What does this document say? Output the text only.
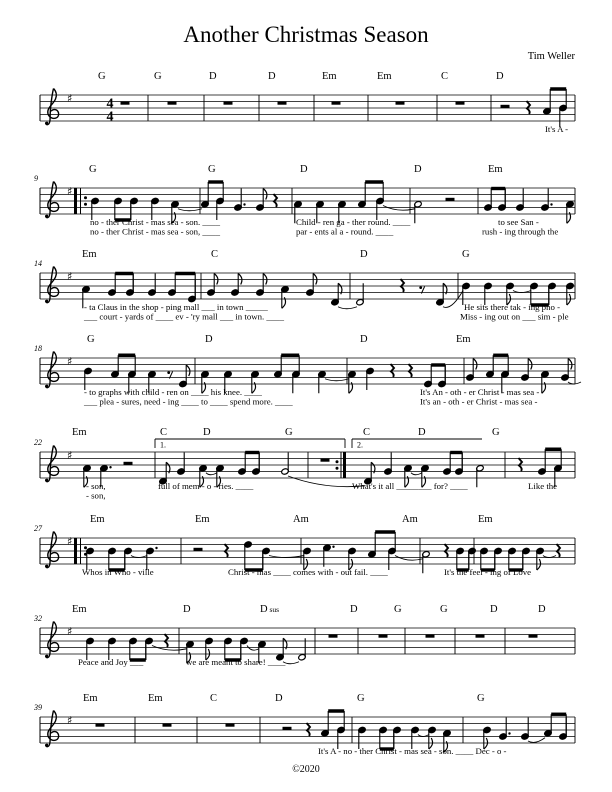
Another Christmas Season
Tim Weller
♯ 4
4
G	G	D	D	Em	Em	C	D
It's A -
9
♯
G	G	D	D	Em
no - ther Christ - mas sea - son. ____	Child - ren ga - ther round. ____	to see San -
no - ther Christ - mas sea - son, ____	par - ents al a - round. ____	rush - ing through the
14
♯
Em	C	D	G
- ta Claus in the shop - ping mall ___ in town _____	He sits there tak - ing pho -
___ court - yards of ____ ev - 'ry mall ___ in town. ____	Miss - ing out on ___ sim - ple
18
♯
G	D	D	Em
- to graphs with child - ren on ____ his knee. ____	It's An - oth - er Christ - mas sea -
___ plea - sures, need - ing ____ to ____ spend more. ____	It's an - oth - er Christ - mas sea -
22
♯
1.	2.
Em	C	D	G	C	D	G
- son,	full of mem - o - ries. ____	What's it all ________ for? ____	Like the
- son,
27
♯
Em	Em	Am	Am	Em
Whos in Who - ville	Christ - mas ____ comes with - out fail. ____	It's the feel - ing of Love
32
♯
Em	D	D sus	D	G	G	D	D
Peace and Joy ___	we are meant to share! ____
39
♯
Em	Em	C	D	G	G
It's A - no - ther Christ - mas sea - son. ____ Dec - o -
©2020
